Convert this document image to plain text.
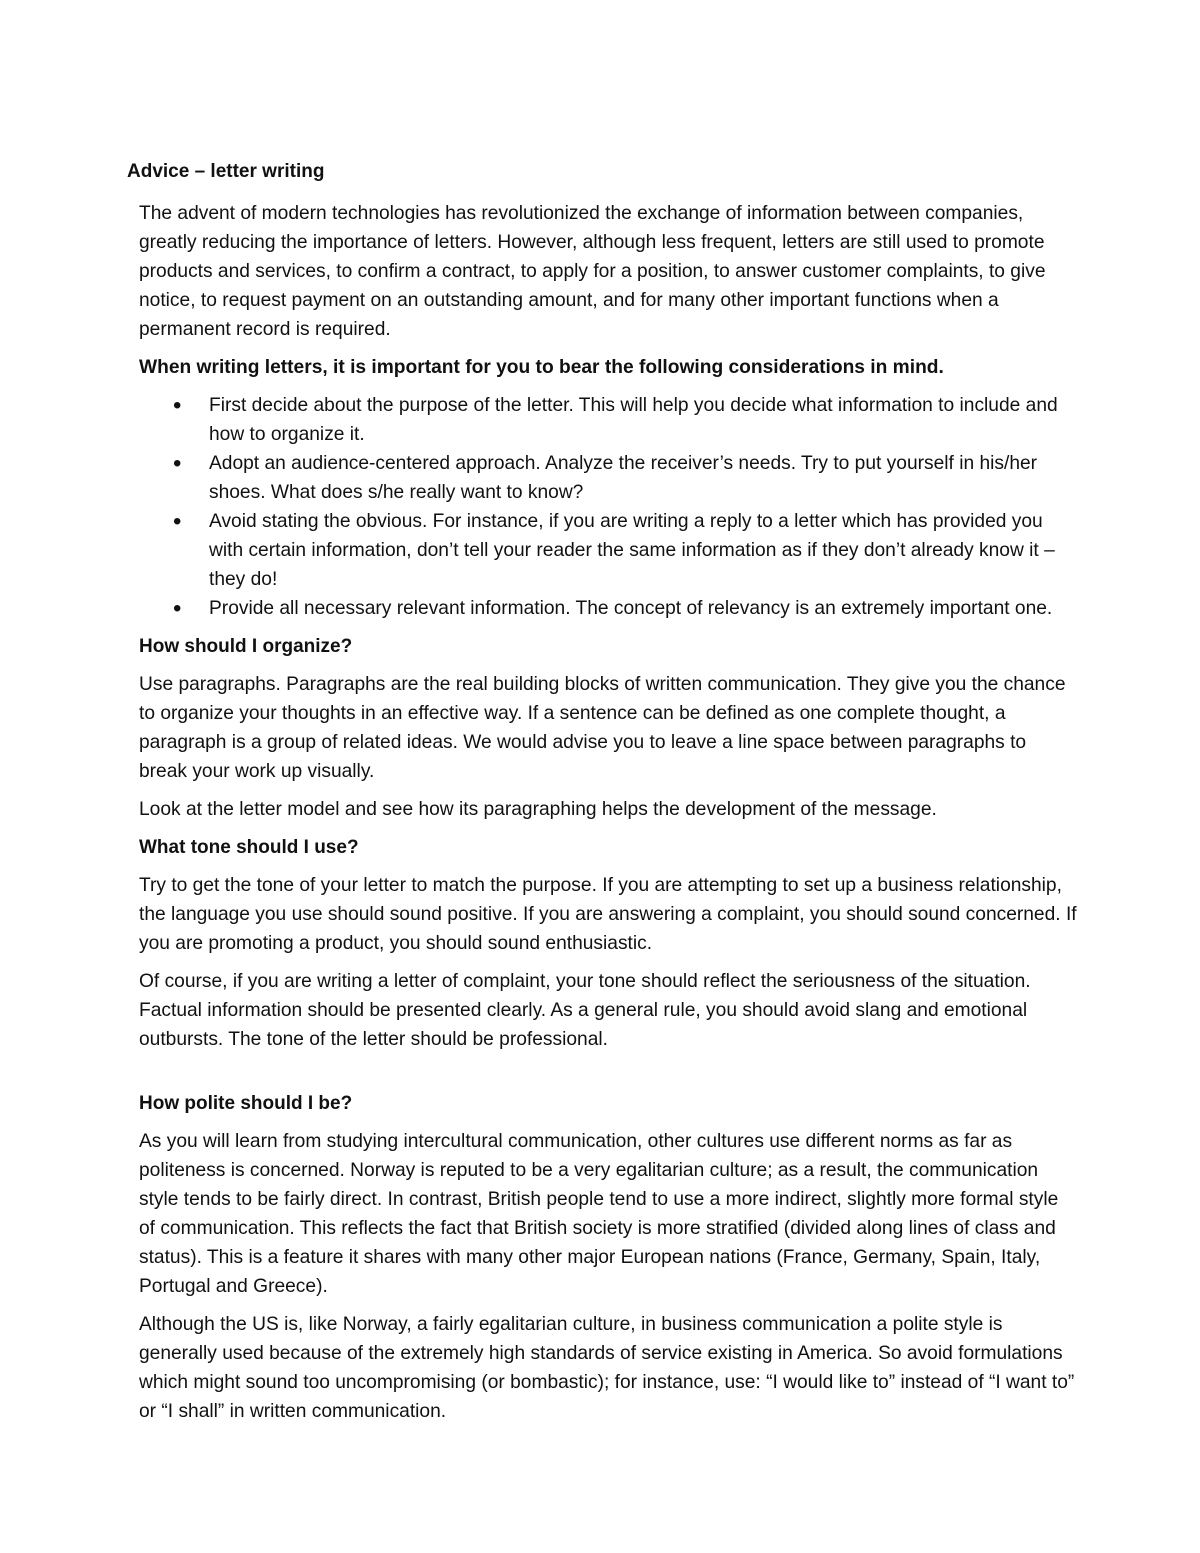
Advice – letter writing

The advent of modern technologies has revolutionized the exchange of information between companies, greatly reducing the importance of letters. However, although less frequent, letters are still used to promote products and services, to confirm a contract, to apply for a position, to answer customer complaints, to give notice, to request payment on an outstanding amount, and for many other important functions when a permanent record is required.

When writing letters, it is important for you to bear the following considerations in mind.

• First decide about the purpose of the letter. This will help you decide what information to include and how to organize it.
• Adopt an audience-centered approach. Analyze the receiver’s needs. Try to put yourself in his/her shoes. What does s/he really want to know?
• Avoid stating the obvious. For instance, if you are writing a reply to a letter which has provided you with certain information, don’t tell your reader the same information as if they don’t already know it – they do!
• Provide all necessary relevant information. The concept of relevancy is an extremely important one.
How should I organize?

Use paragraphs. Paragraphs are the real building blocks of written communication. They give you the chance to organize your thoughts in an effective way. If a sentence can be defined as one complete thought, a paragraph is a group of related ideas. We would advise you to leave a line space between paragraphs to break your work up visually.

Look at the letter model and see how its paragraphing helps the development of the message.

What tone should I use?

Try to get the tone of your letter to match the purpose. If you are attempting to set up a business relationship, the language you use should sound positive. If you are answering a complaint, you should sound concerned. If you are promoting a product, you should sound enthusiastic.

Of course, if you are writing a letter of complaint, your tone should reflect the seriousness of the situation. Factual information should be presented clearly. As a general rule, you should avoid slang and emotional outbursts. The tone of the letter should be professional.

How polite should I be?

As you will learn from studying intercultural communication, other cultures use different norms as far as politeness is concerned. Norway is reputed to be a very egalitarian culture; as a result, the communication style tends to be fairly direct. In contrast, British people tend to use a more indirect, slightly more formal style of communication. This reflects the fact that British society is more stratified (divided along lines of class and status). This is a feature it shares with many other major European nations (France, Germany, Spain, Italy, Portugal and Greece).

Although the US is, like Norway, a fairly egalitarian culture, in business communication a polite style is generally used because of the extremely high standards of service existing in America. So avoid formulations which might sound too uncompromising (or bombastic); for instance, use: “I would like to” instead of “I want to” or “I shall” in written communication.
